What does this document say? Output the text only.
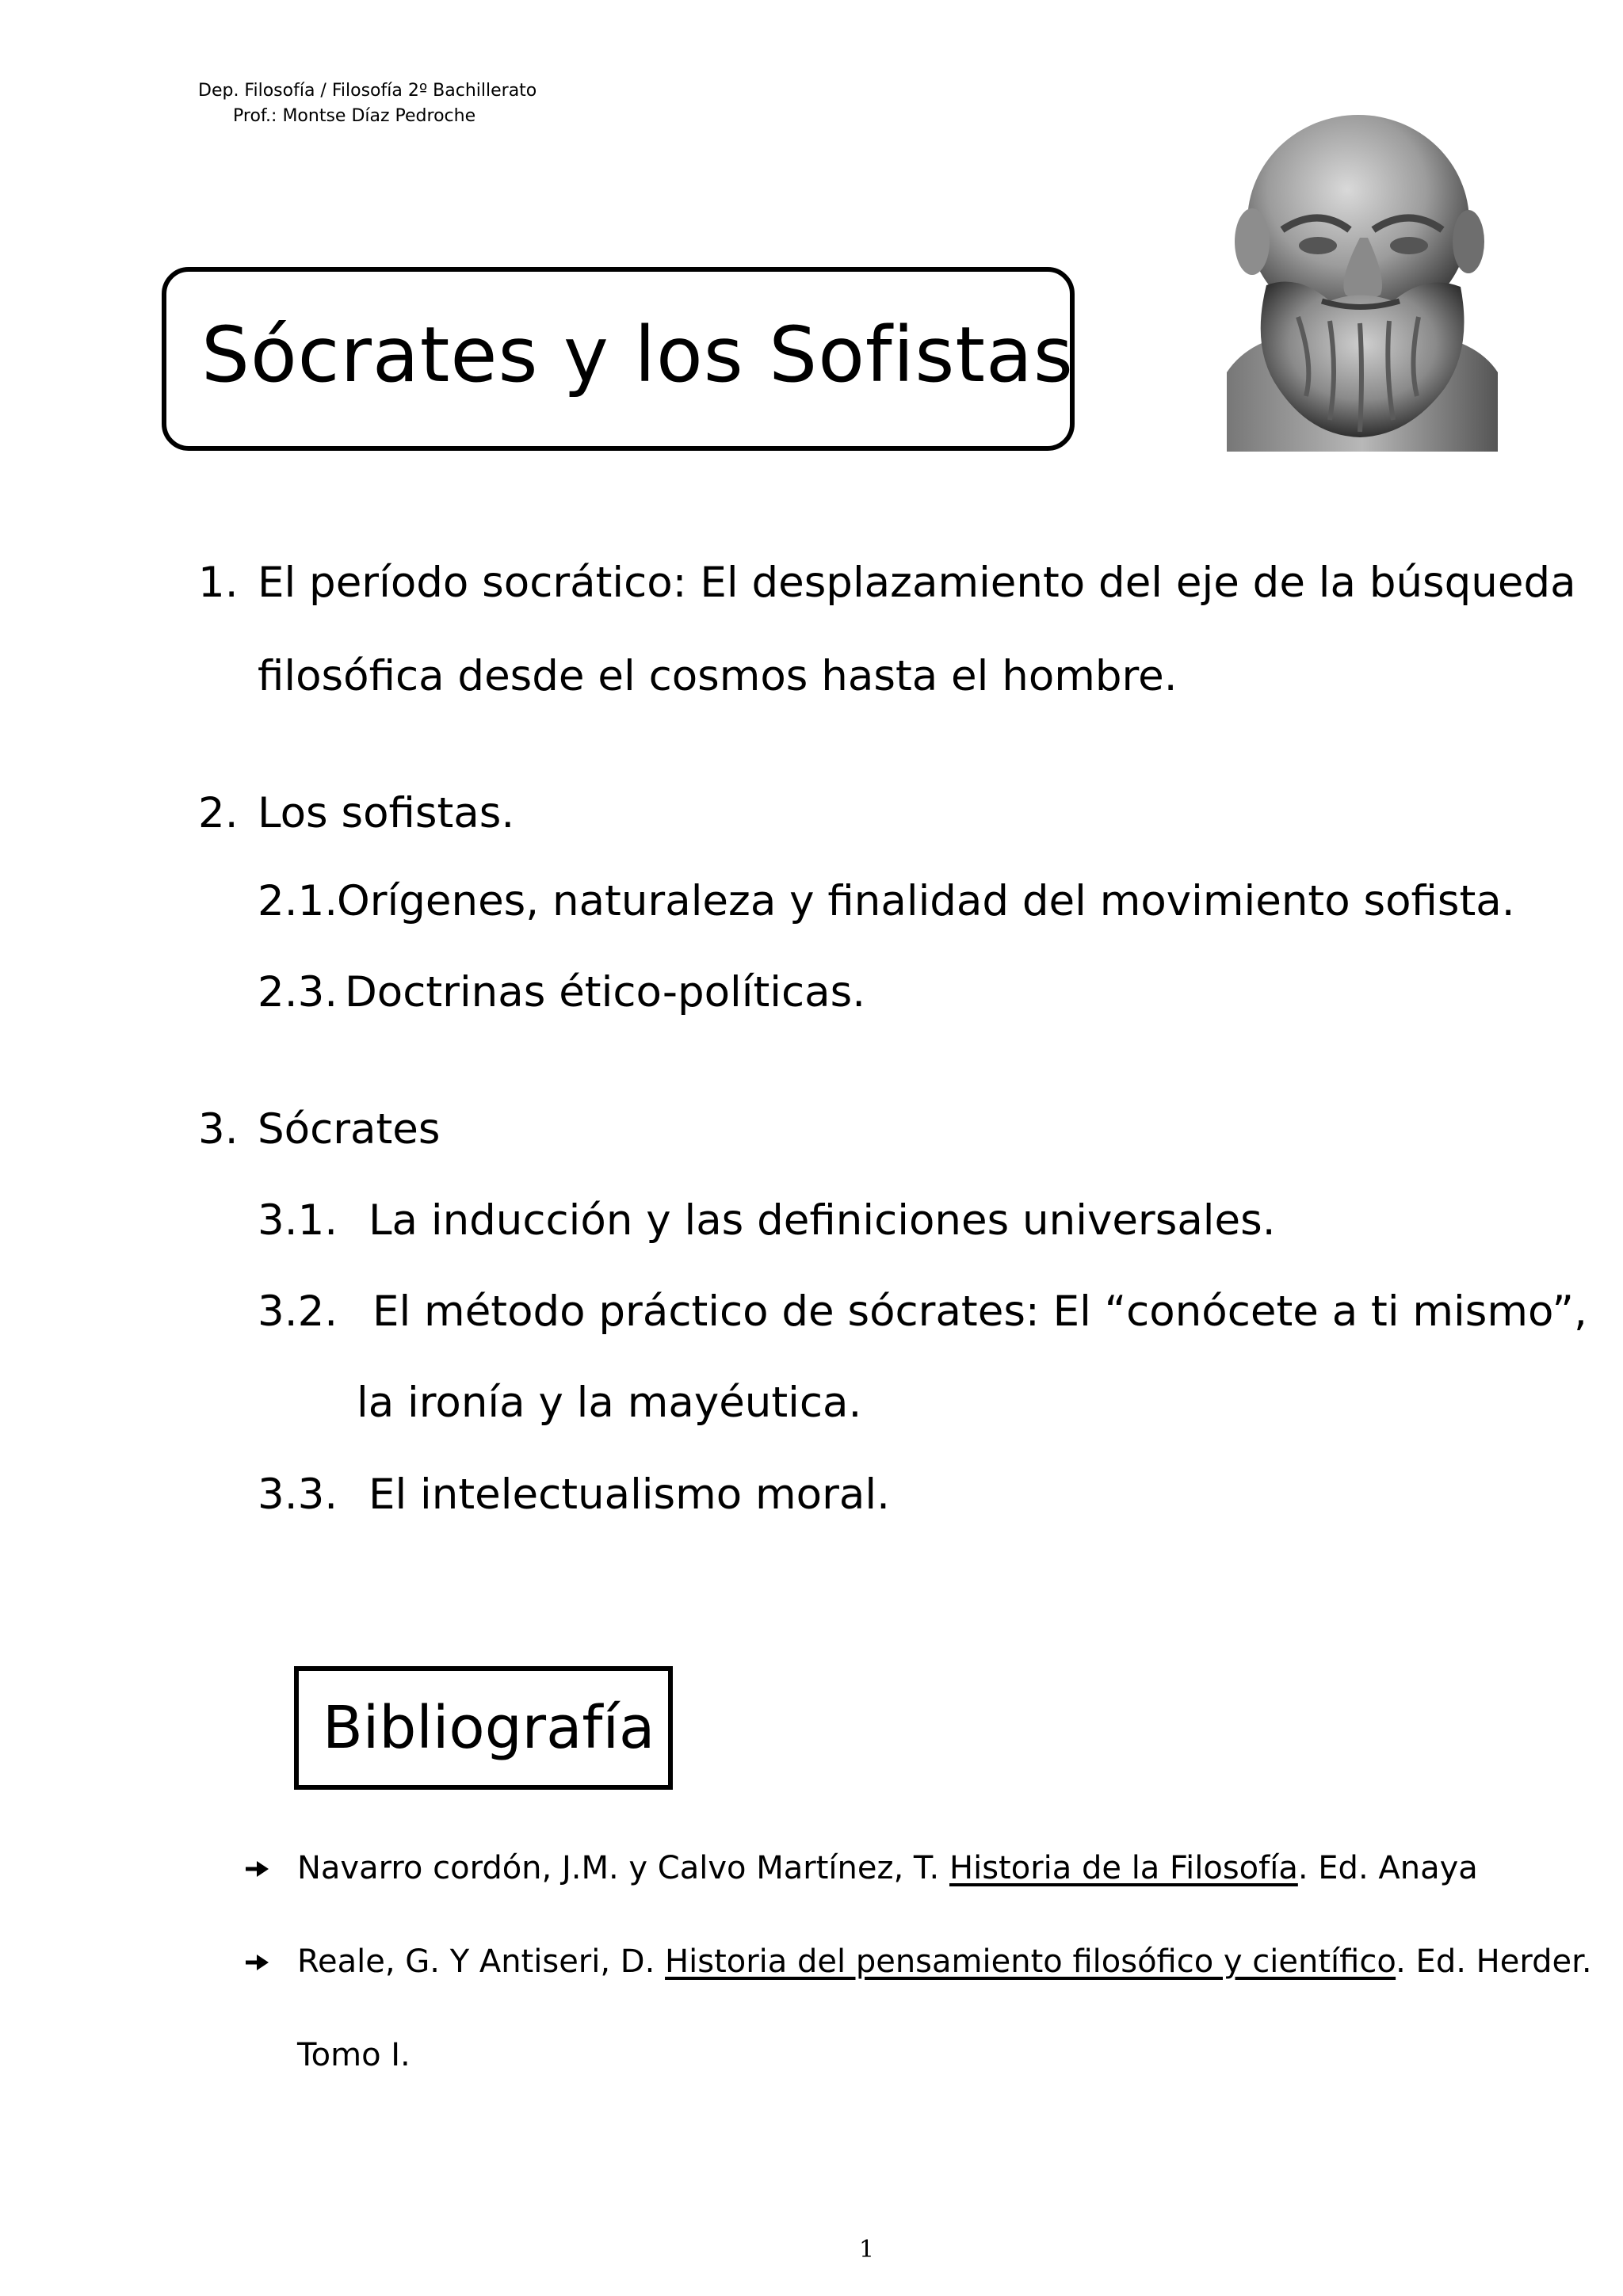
Dep. Filosofía / Filosofía 2º Bachillerato
Prof.: Montse Díaz Pedroche
Sócrates y los Sofistas
1. El período socrático: El desplazamiento del eje de la búsqueda
filosófica desde el cosmos hasta el hombre.
2. Los sofistas.
2.1.
Orígenes, naturaleza y finalidad del movimiento sofista.
2.3. Doctrinas ético-políticas.
3. Sócrates
3.1. La inducción y las definiciones universales.
3.2. El método práctico de sócrates: El “conócete a ti mismo”,
la ironía y la mayéutica.
3.3. El intelectualismo moral.
Bibliografía
Navarro cordón, J.M. y Calvo Martínez, T. Historia de la Filosofía. Ed. Anaya
Reale, G. Y Antiseri, D. Historia del pensamiento filosófico y científico. Ed. Herder.
Tomo I.
1
